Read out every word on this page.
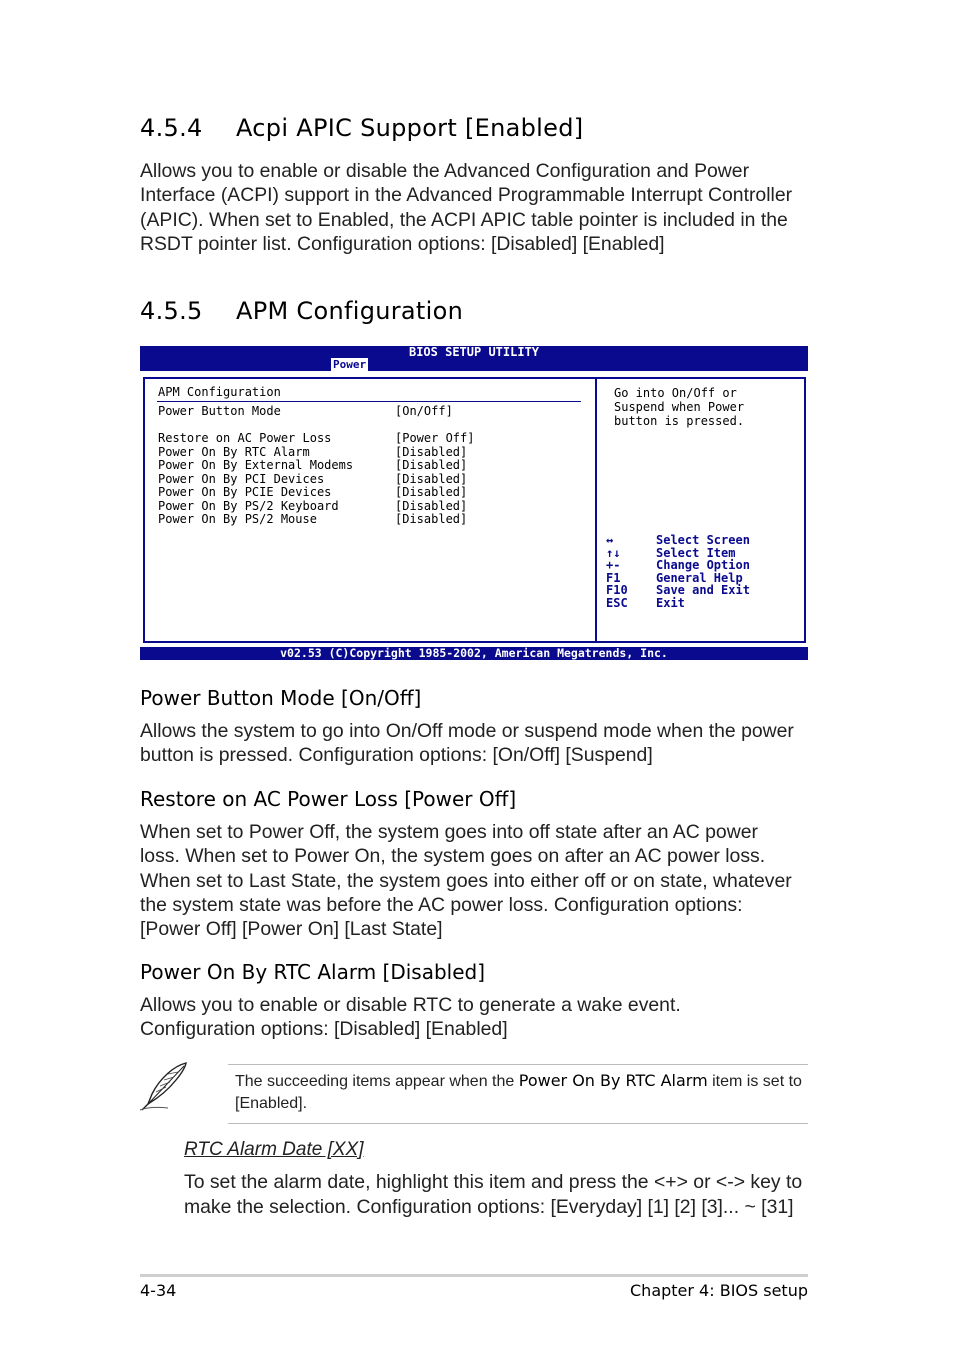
4.5.4 Acpi APIC Support [Enabled]

Allows you to enable or disable the Advanced Configuration and Power Interface (ACPI) support in the Advanced Programmable Interrupt Controller (APIC). When set to Enabled, the ACPI APIC table pointer is included in the RSDT pointer list. Configuration options: [Disabled] [Enabled]

4.5.5 APM Configuration
BIOS SETUP UTILITY
Power
APM Configuration
Power Button Mode	[On/Off]
Restore on AC Power Loss	[Power Off]
Power On By RTC Alarm	[Disabled]
Power On By External Modems	[Disabled]
Power On By PCI Devices	[Disabled]
Power On By PCIE Devices	[Disabled]
Power On By PS/2 Keyboard	[Disabled]
Power On By PS/2 Mouse	[Disabled]
Go into On/Off or
Suspend when Power
button is pressed.
↔	Select Screen
↑↓	Select Item
+-	Change Option
F1	General Help
F10 Save and Exit
ESC Exit
v02.53 (C)Copyright 1985-2002, American Megatrends, Inc.
Power Button Mode [On/Off]

Allows the system to go into On/Off mode or suspend mode when the power button is pressed. Configuration options: [On/Off] [Suspend]

Restore on AC Power Loss [Power Off]

When set to Power Off, the system goes into off state after an AC power loss. When set to Power On, the system goes on after an AC power loss. When set to Last State, the system goes into either off or on state, whatever the system state was before the AC power loss. Configuration options: [Power Off] [Power On] [Last State]

Power On By RTC Alarm [Disabled]

Allows you to enable or disable RTC to generate a wake event. Configuration options: [Disabled] [Enabled]

The succeeding items appear when the Power On By RTC Alarm item is set to [Enabled].
RTC Alarm Date [XX]

To set the alarm date, highlight this item and press the <+> or <-> key to make the selection. Configuration options: [Everyday] [1] [2] [3]... ~ [31]

4-34	Chapter 4: BIOS setup
